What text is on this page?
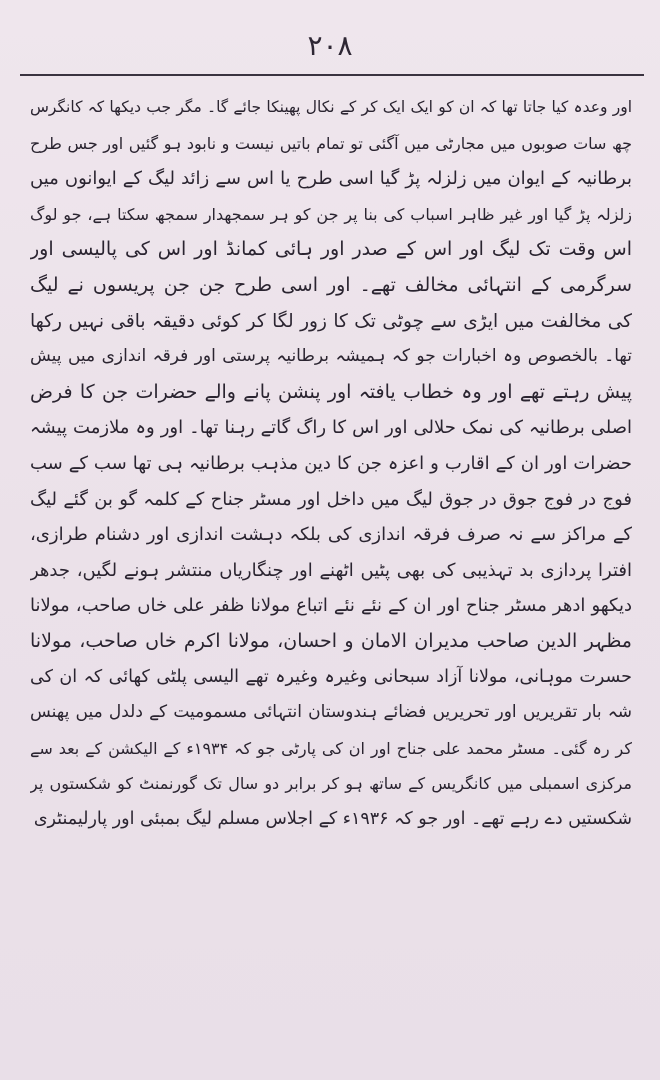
۲۰۸
اور وعدہ کیا جاتا تھا کہ ان کو ایک ایک کر کے نکال پھینکا جائے گا۔ مگر جب دیکھا کہ کانگرس
چھ سات صوبوں میں مجارٹی میں آگئی تو تمام باتیں نیست و نابود ہو گئیں اور جس طرح
برطانیہ کے ایوان میں زلزلہ پڑ گیا اسی طرح یا اس سے زائد لیگ کے ایوانوں میں
زلزلہ پڑ گیا اور غیر ظاہر اسباب کی بنا پر جن کو ہر سمجھدار سمجھ سکتا ہے، جو لوگ
اس وقت تک لیگ اور اس کے صدر اور ہائی کمانڈ اور اس کی پالیسی اور
سرگرمی کے انتہائی مخالف تھے۔ اور اسی طرح جن جن پریسوں نے لیگ
کی مخالفت میں ایڑی سے چوٹی تک کا زور لگا کر کوئی دقیقہ باقی نہیں رکھا
تھا۔ بالخصوص وہ اخبارات جو کہ ہمیشہ برطانیہ پرستی اور فرقہ اندازی میں پیش
پیش رہتے تھے اور وہ خطاب یافتہ اور پنشن پانے والے حضرات جن کا فرض
اصلی برطانیہ کی نمک حلالی اور اس کا راگ گاتے رہنا تھا۔ اور وہ ملازمت پیشہ
حضرات اور ان کے اقارب و اعزہ جن کا دین مذہب برطانیہ ہی تھا سب کے سب
فوج در فوج جوق در جوق لیگ میں داخل اور مسٹر جناح کے کلمہ گو بن گئے لیگ
کے مراکز سے نہ صرف فرقہ اندازی کی بلکہ دہشت اندازی اور دشنام طرازی،
افترا پردازی بد تہذیبی کی بھی پٹیں اٹھنے اور چنگاریاں منتشر ہونے لگیں، جدھر
دیکھو ادھر مسٹر جناح اور ان کے نئے نئے اتباع مولانا ظفر علی خاں صاحب، مولانا
مظہر الدین صاحب مدیران الامان و احسان، مولانا اکرم خاں صاحب، مولانا
حسرت موہانی، مولانا آزاد سبحانی وغیرہ وغیرہ تھے الیسی پلٹی کھائی کہ ان کی
شہ بار تقریریں اور تحریریں فضائے ہندوستان انتہائی مسمومیت کے دلدل میں پھنس
کر رہ گئی۔ مسٹر محمد علی جناح اور ان کی پارٹی جو کہ ۱۹۳۴ء کے الیکشن کے بعد سے
مرکزی اسمبلی میں کانگریس کے ساتھ ہو کر برابر دو سال تک گورنمنٹ کو شکستوں پر
شکستیں دے رہے تھے۔ اور جو کہ ۱۹۳۶ء کے اجلاس مسلم لیگ بمبئی اور پارلیمنٹری
